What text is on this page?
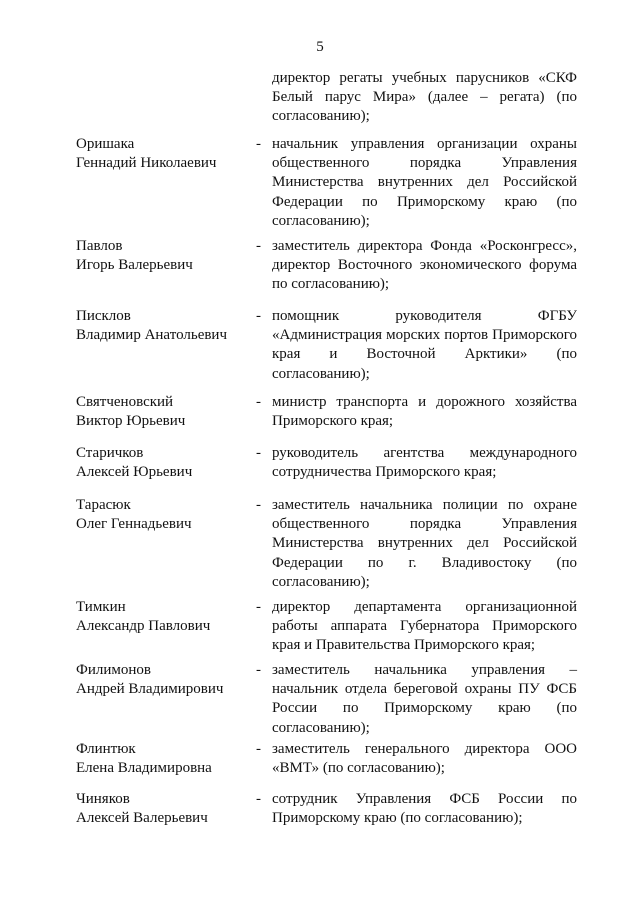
5
директор регаты учебных парусников «СКФ Белый парус Мира» (далее – регата) (по согласованию);
Оришака
Геннадий Николаевич
- начальник управления организации охраны общественного порядка Управления Министерства внутренних дел Российской Федерации по Приморскому краю (по согласованию);
Павлов
Игорь Валерьевич
- заместитель директора Фонда «Росконгресс», директор Восточного экономического форума по согласованию);
Писклов
Владимир Анатольевич
- помощник руководителя ФГБУ «Администрация морских портов Приморского края и Восточной Арктики» (по согласованию);
Святченовский
Виктор Юрьевич
- министр транспорта и дорожного хозяйства Приморского края;
Старичков
Алексей Юрьевич
- руководитель агентства международного сотрудничества Приморского края;
Тарасюк
Олег Геннадьевич
- заместитель начальника полиции по охране общественного порядка Управления Министерства внутренних дел Российской Федерации по г. Владивостоку (по согласованию);
Тимкин
Александр Павлович
- директор департамента организационной работы аппарата Губернатора Приморского края и Правительства Приморского края;
Филимонов
Андрей Владимирович
- заместитель начальника управления – начальник отдела береговой охраны ПУ ФСБ России по Приморскому краю (по согласованию);
Флинтюк
Елена Владимировна
- заместитель генерального директора ООО «ВМТ» (по согласованию);
Чиняков
Алексей Валерьевич
- сотрудник Управления ФСБ России по Приморскому краю (по согласованию);
